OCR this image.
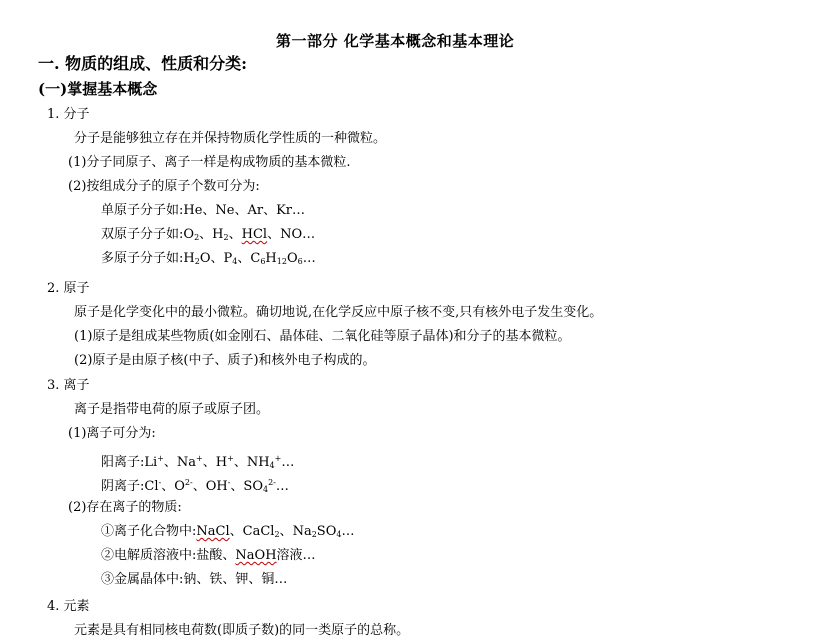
第一部分 化学基本概念和基本理论
一. 物质的组成、性质和分类:
(一)掌握基本概念
1. 分子
分子是能够独立存在并保持物质化学性质的一种微粒。
(1)分子同原子、离子一样是构成物质的基本微粒.
(2)按组成分子的原子个数可分为:
单原子分子如:He、Ne、Ar、Kr…
双原子分子如$:O_2$、$H_2$、HCl、NO…
多原子分子如$:H_2O$、$P_4$、$C_6H_{12}O_6\dots$
2. 原子
原子是化学变化中的最小微粒。确切地说,在化学反应中原子核不变,只有核外电子发生变化。
(1)原子是组成某些物质(如金刚石、晶体硅、二氧化硅等原子晶体)和分子的基本微粒。
(2)原子是由原子核(中子、质子)和核外电子构成的。
3. 离子
离子是指带电荷的原子或原子团。
(1)离子可分为:
阳离子:Li+、Na+、H+、$NH_4^+\dots$
阴离子:Cl-、$O^{2-}$、OH-、$SO_4^{2-}\dots$
(2)存在离子的物质:
①离子化合物中:NaCl、CaCl$_2$、$Na_2SO_4\dots$
②电解质溶液中:盐酸、NaOH溶液…
③金属晶体中:钠、铁、钾、铜…
4. 元素
元素是具有相同核电荷数(即质子数)的同一类原子的总称。
